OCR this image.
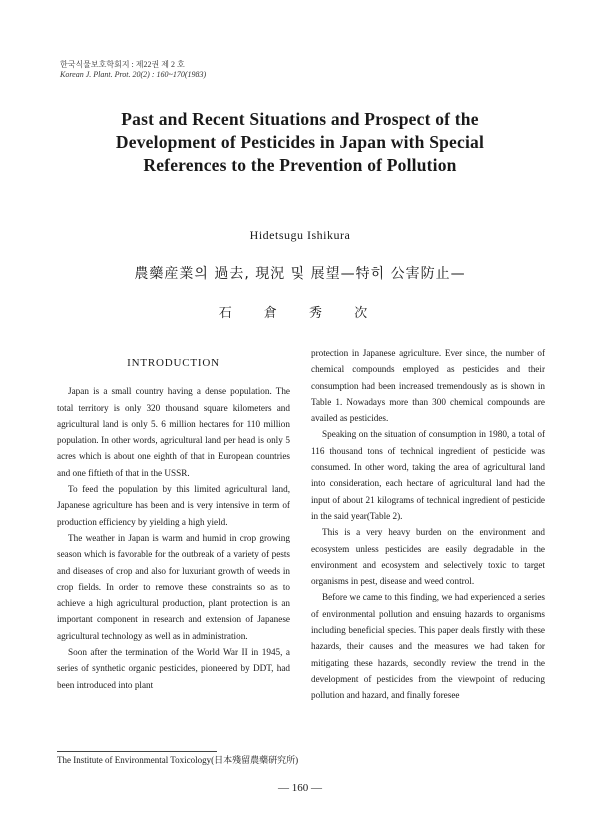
한국식물보호학회지 : 제22권 제 2 호
Korean J. Plant. Prot. 20(2) : 160~170(1983)
Past and Recent Situations and Prospect of the Development of Pesticides in Japan with Special References to the Prevention of Pollution
Hidetsugu Ishikura
農藥産業의 過去, 現況 및 展望—特히 公害防止—
石 倉 秀 次
INTRODUCTION

Japan is a small country having a dense population. The total territory is only 320 thousand square kilometers and agricultural land is only 5. 6 million hectares for 110 million population. In other words, agricultural land per head is only 5 acres which is about one eighth of that in European countries and one fiftieth of that in the USSR.

To feed the population by this limited agricultural land, Japanese agriculture has been and is very intensive in term of production efficiency by yielding a high yield.

The weather in Japan is warm and humid in crop growing season which is favorable for the outbreak of a variety of pests and diseases of crop and also for luxuriant growth of weeds in crop fields. In order to remove these constraints so as to achieve a high agricultural production, plant protection is an important component in research and extension of Japanese agricultural technology as well as in administration.

Soon after the termination of the World War II in 1945, a series of synthetic organic pesticides, pioneered by DDT, had been introduced into plant

protection in Japanese agriculture. Ever since, the number of chemical compounds employed as pesticides and their consumption had been increased tremendously as is shown in Table 1. Nowadays more than 300 chemical compounds are availed as pesticides.

Speaking on the situation of consumption in 1980, a total of 116 thousand tons of technical ingredient of pesticide was consumed. In other word, taking the area of agricultural land into consideration, each hectare of agricultural land had the input of about 21 kilograms of technical ingredient of pesticide in the said year(Table 2).

This is a very heavy burden on the environment and ecosystem unless pesticides are easily degradable in the environment and ecosystem and selectively toxic to target organisms in pest, disease and weed control.

Before we came to this finding, we had experienced a series of environmental pollution and ensuing hazards to organisms including beneficial species. This paper deals firstly with these hazards, their causes and the measures we had taken for mitigating these hazards, secondly review the trend in the development of pesticides from the viewpoint of reducing pollution and hazard, and finally foresee

The Institute of Environmental Toxicology(日本殘留農藥硏究所)
— 160 —
